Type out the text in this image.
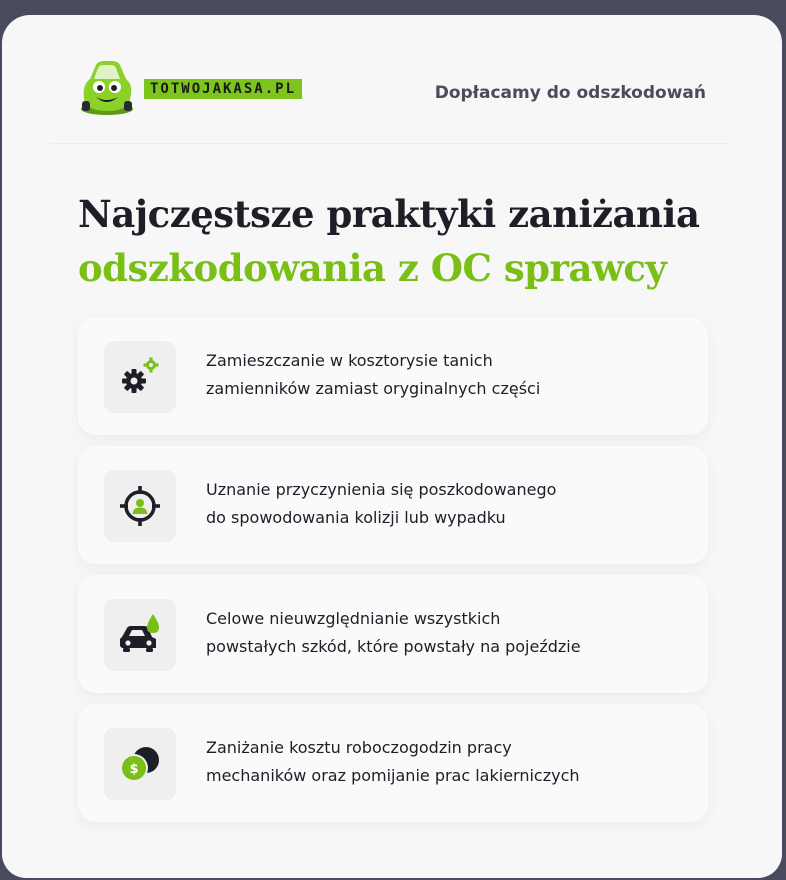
TOTWOJAKASA.PL	Dopłacamy do odszkodowań
Najczęstsze praktyki zaniżania
odszkodowania z OC sprawcy
Zamieszczanie w kosztorysie tanich
zamienników zamiast oryginalnych części
Uznanie przyczynienia się poszkodowanego
do spowodowania kolizji lub wypadku
Celowe nieuwzględnianie wszystkich
powstałych szkód, które powstały na pojeździe
$
Zaniżanie kosztu roboczogodzin pracy
mechaników oraz pomijanie prac lakierniczych
